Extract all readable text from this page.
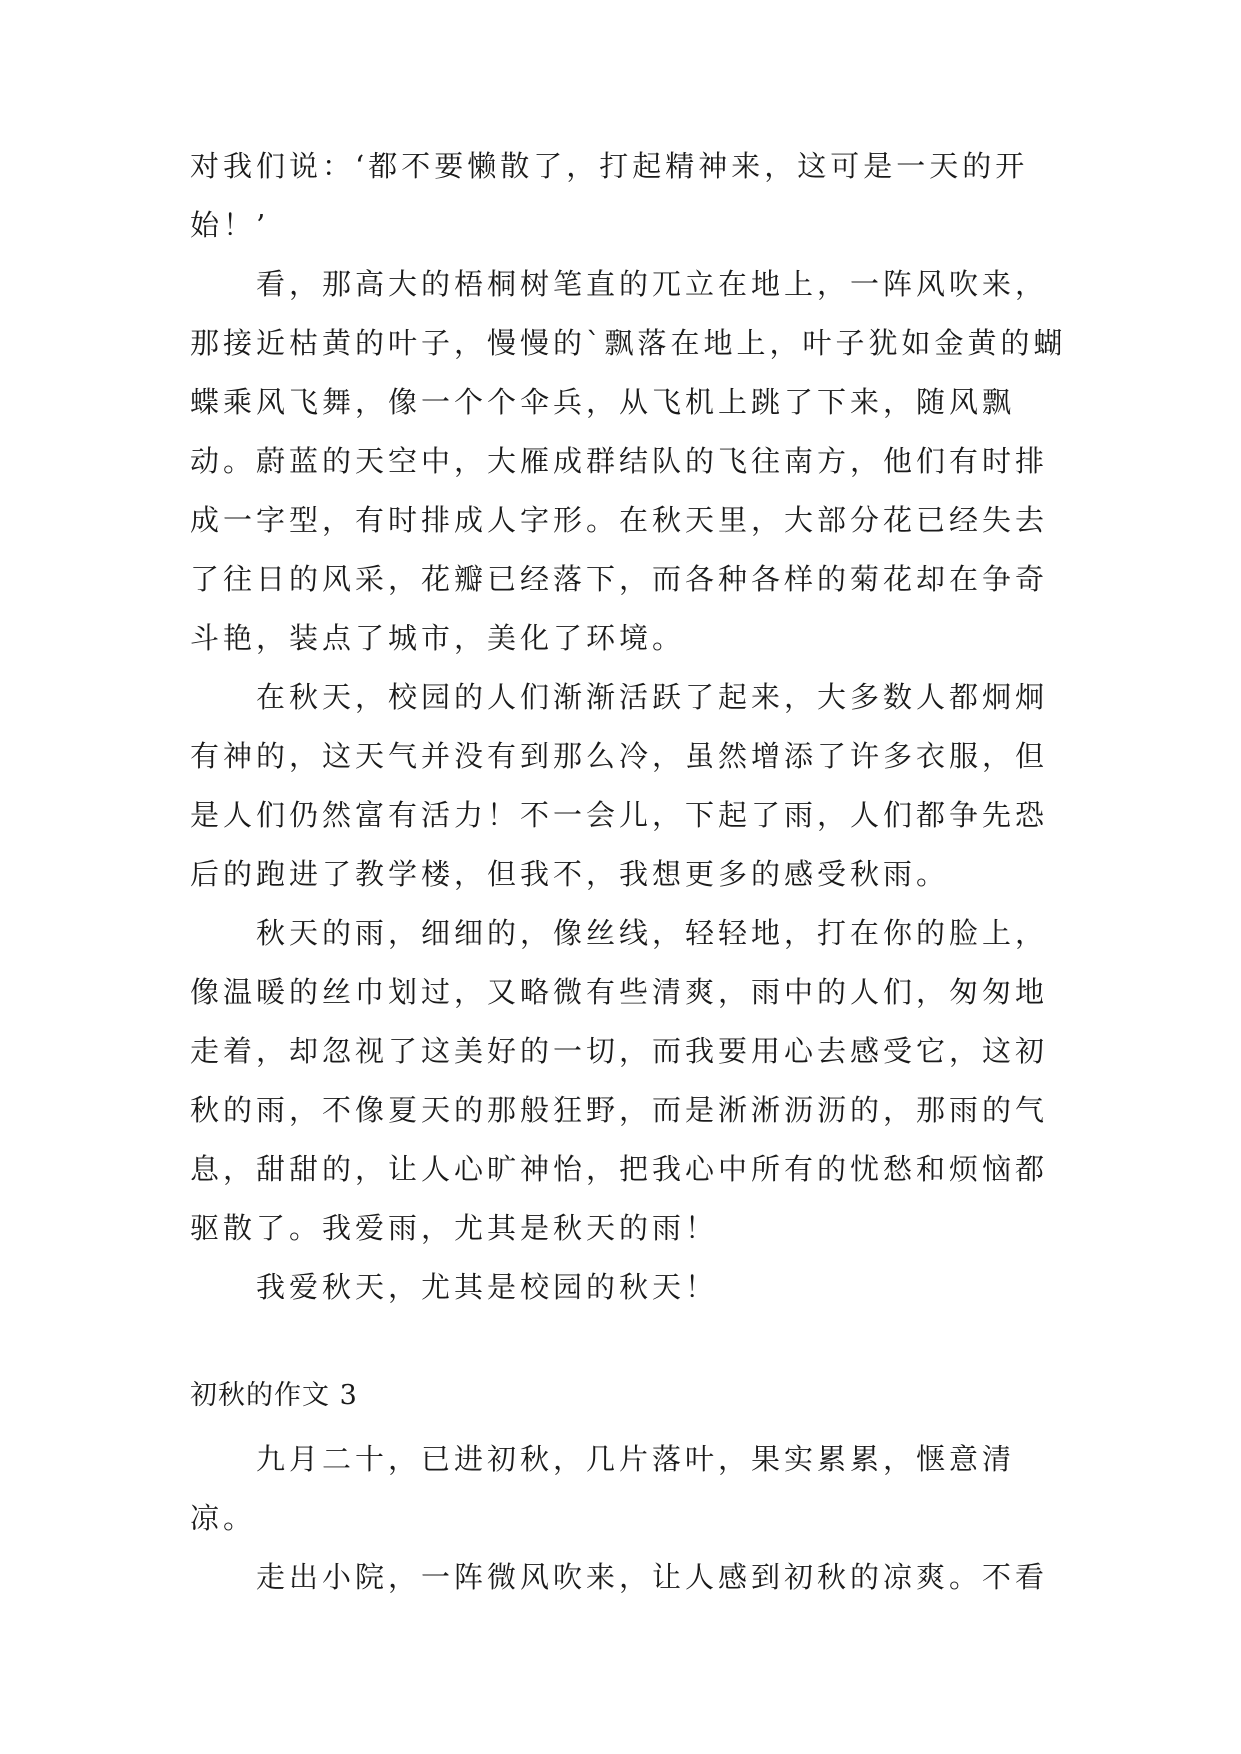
对我们说：‘都不要懒散了，打起精神来，这可是一天的开始！’

看，那高大的梧桐树笔直的兀立在地上，一阵风吹来，那接近枯黄的叶子，慢慢的`飘落在地上，叶子犹如金黄的蝴蝶乘风飞舞，像一个个伞兵，从飞机上跳了下来，随风飘动。蔚蓝的天空中，大雁成群结队的飞往南方，他们有时排成一字型，有时排成人字形。在秋天里，大部分花已经失去了往日的风采，花瓣已经落下，而各种各样的菊花却在争奇斗艳，装点了城市，美化了环境。

在秋天，校园的人们渐渐活跃了起来，大多数人都炯炯有神的，这天气并没有到那么冷，虽然增添了许多衣服，但是人们仍然富有活力！不一会儿，下起了雨，人们都争先恐后的跑进了教学楼，但我不，我想更多的感受秋雨。

秋天的雨，细细的，像丝线，轻轻地，打在你的脸上，像温暖的丝巾划过，又略微有些清爽，雨中的人们，匆匆地走着，却忽视了这美好的一切，而我要用心去感受它，这初秋的雨，不像夏天的那般狂野，而是淅淅沥沥的，那雨的气息，甜甜的，让人心旷神怡，把我心中所有的忧愁和烦恼都驱散了。我爱雨，尤其是秋天的雨！

我爱秋天，尤其是校园的秋天！

初秋的作文 3

九月二十，已进初秋，几片落叶，果实累累，惬意清凉。

走出小院，一阵微风吹来，让人感到初秋的凉爽。不看
